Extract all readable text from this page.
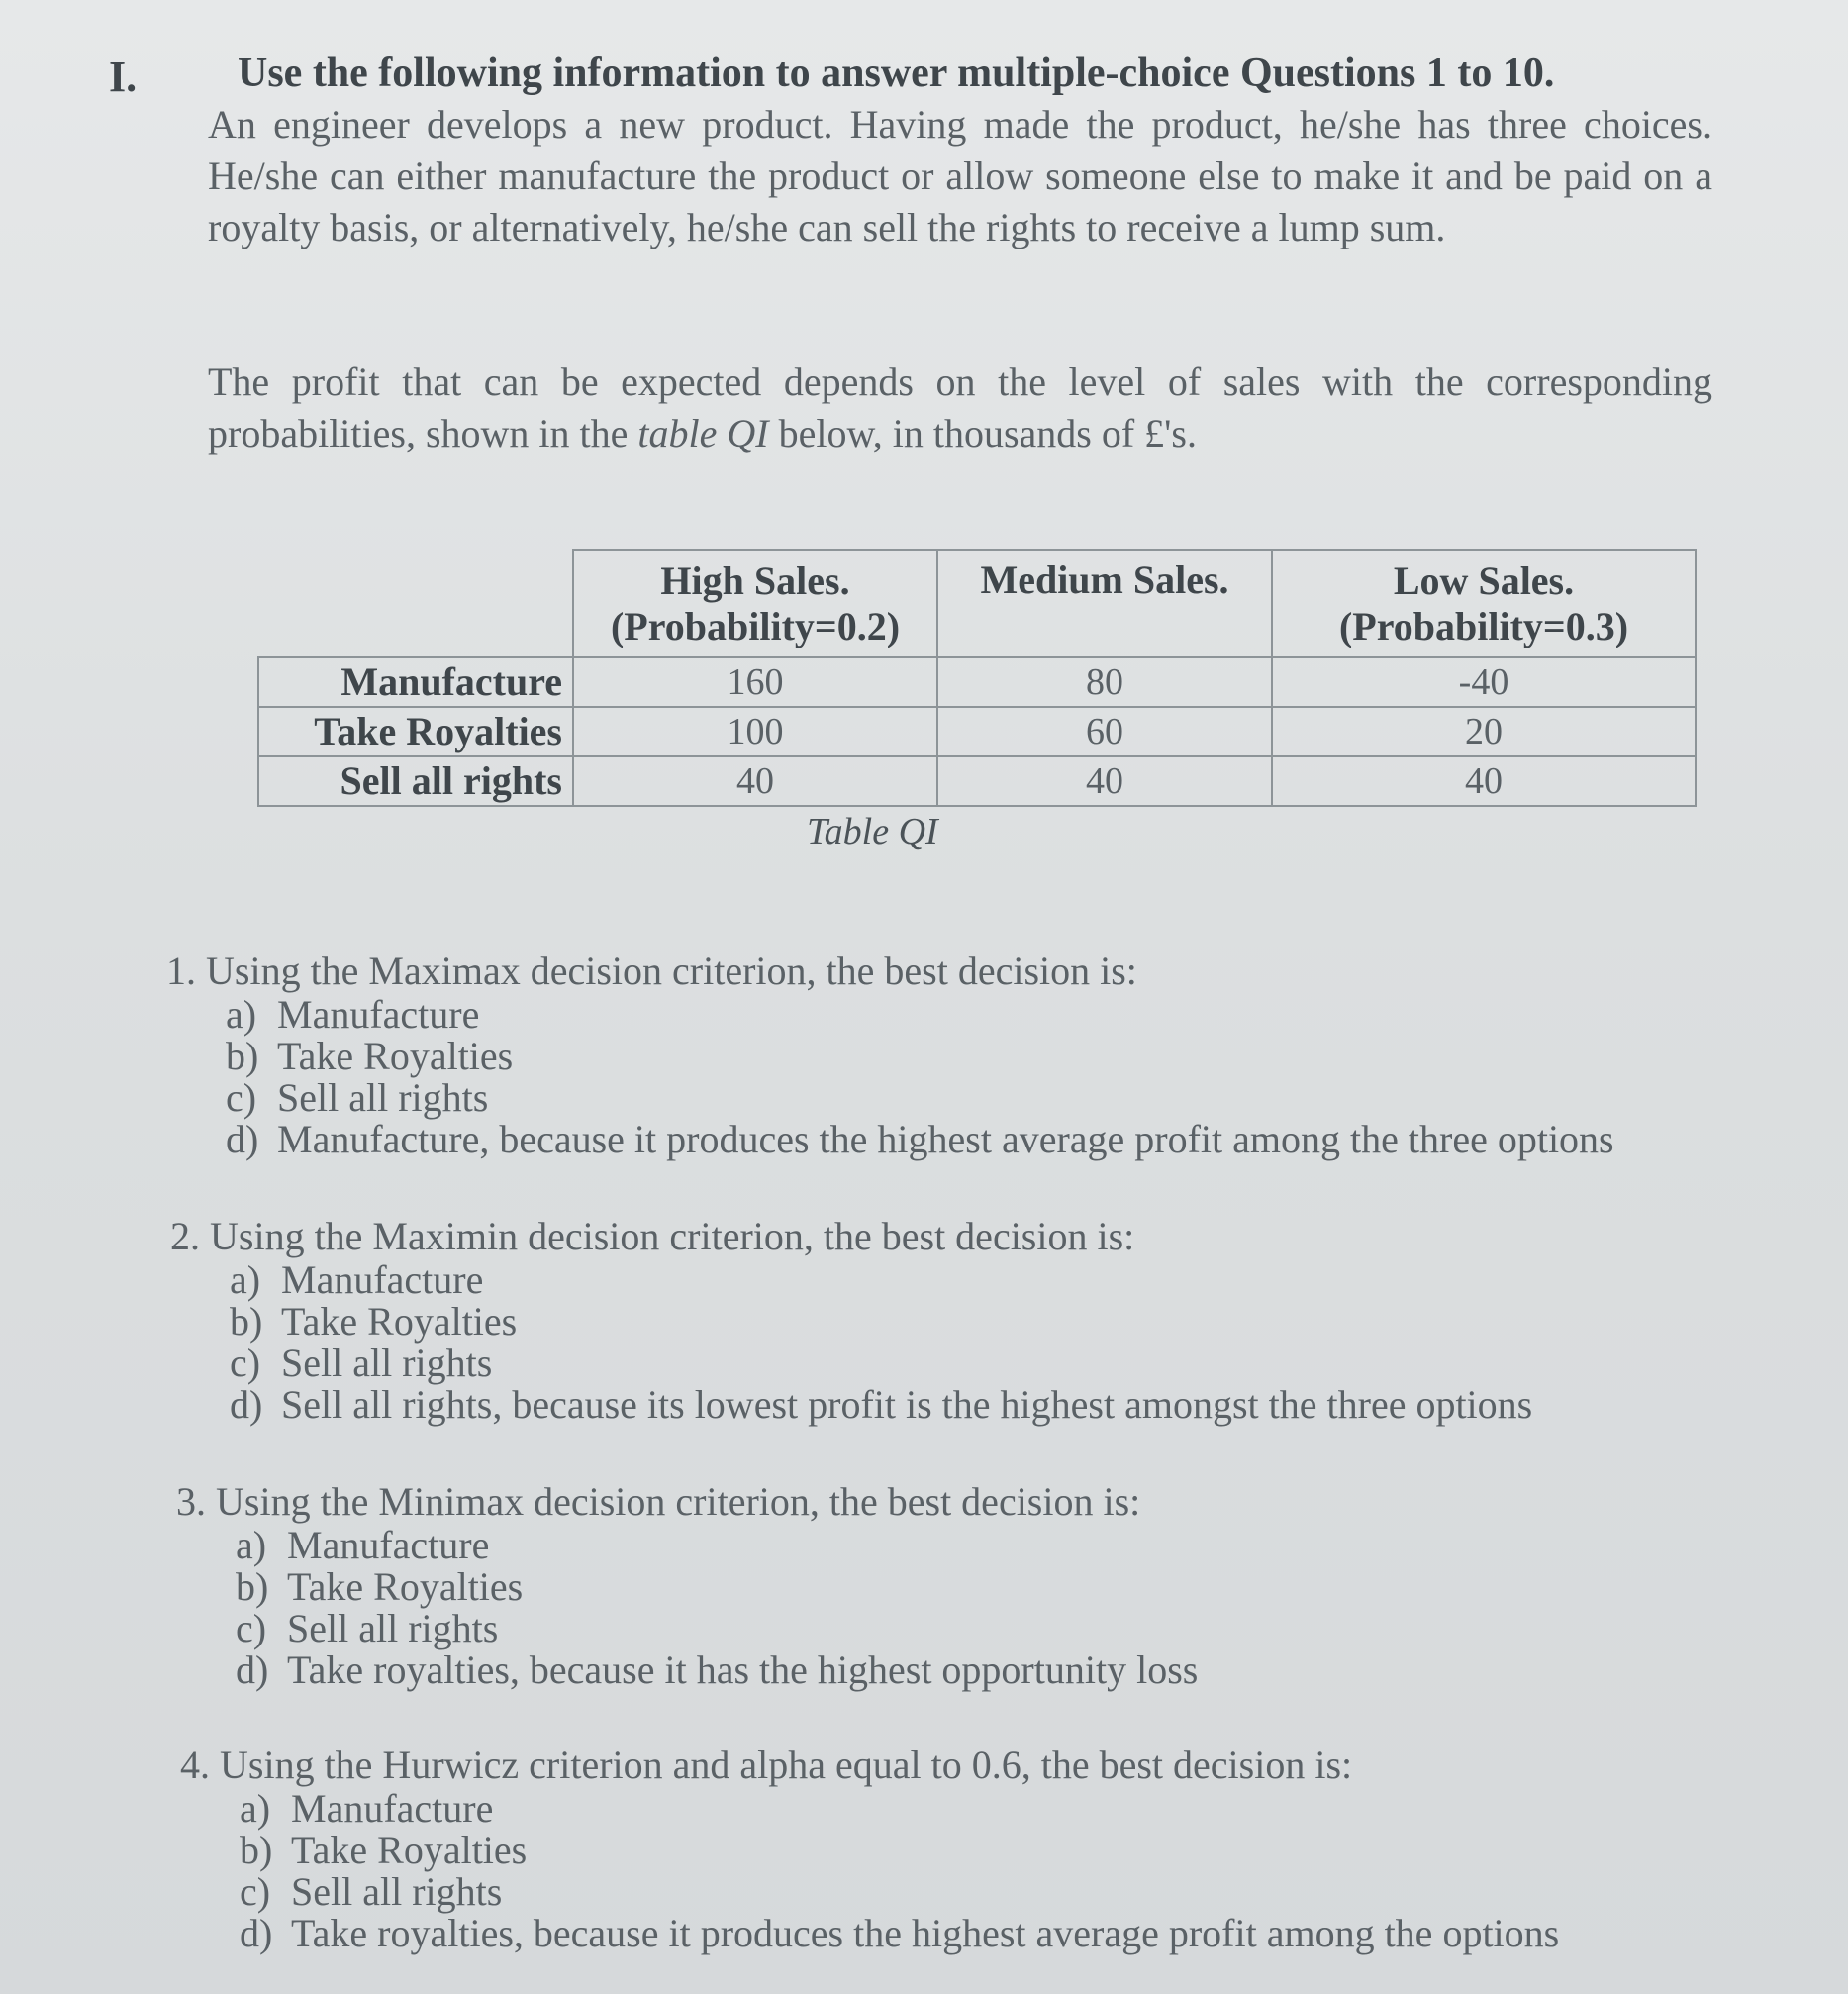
I. Use the following information to answer multiple-choice Questions 1 to 10.
An engineer develops a new product. Having made the product, he/she has three choices. He/she can either manufacture the product or allow someone else to make it and be paid on a royalty basis, or alternatively, he/she can sell the rights to receive a lump sum.
The profit that can be expected depends on the level of sales with the corresponding probabilities, shown in the table QI below, in thousands of £'s.
	High Sales. (Probability=0.2)	Medium Sales.	Low Sales. (Probability=0.3)
Manufacture	160	80	-40
Take Royalties	100	60	20
Sell all rights	40	40	40
Table QI
1. Using the Maximax decision criterion, the best decision is:
a) Manufacture
b) Take Royalties
c) Sell all rights
d) Manufacture, because it produces the highest average profit among the three options
2. Using the Maximin decision criterion, the best decision is:
a) Manufacture
b) Take Royalties
c) Sell all rights
d) Sell all rights, because its lowest profit is the highest amongst the three options
3. Using the Minimax decision criterion, the best decision is:
a) Manufacture
b) Take Royalties
c) Sell all rights
d) Take royalties, because it has the highest opportunity loss
4. Using the Hurwicz criterion and alpha equal to 0.6, the best decision is:
a) Manufacture
b) Take Royalties
c) Sell all rights
d) Take royalties, because it produces the highest average profit among the options
